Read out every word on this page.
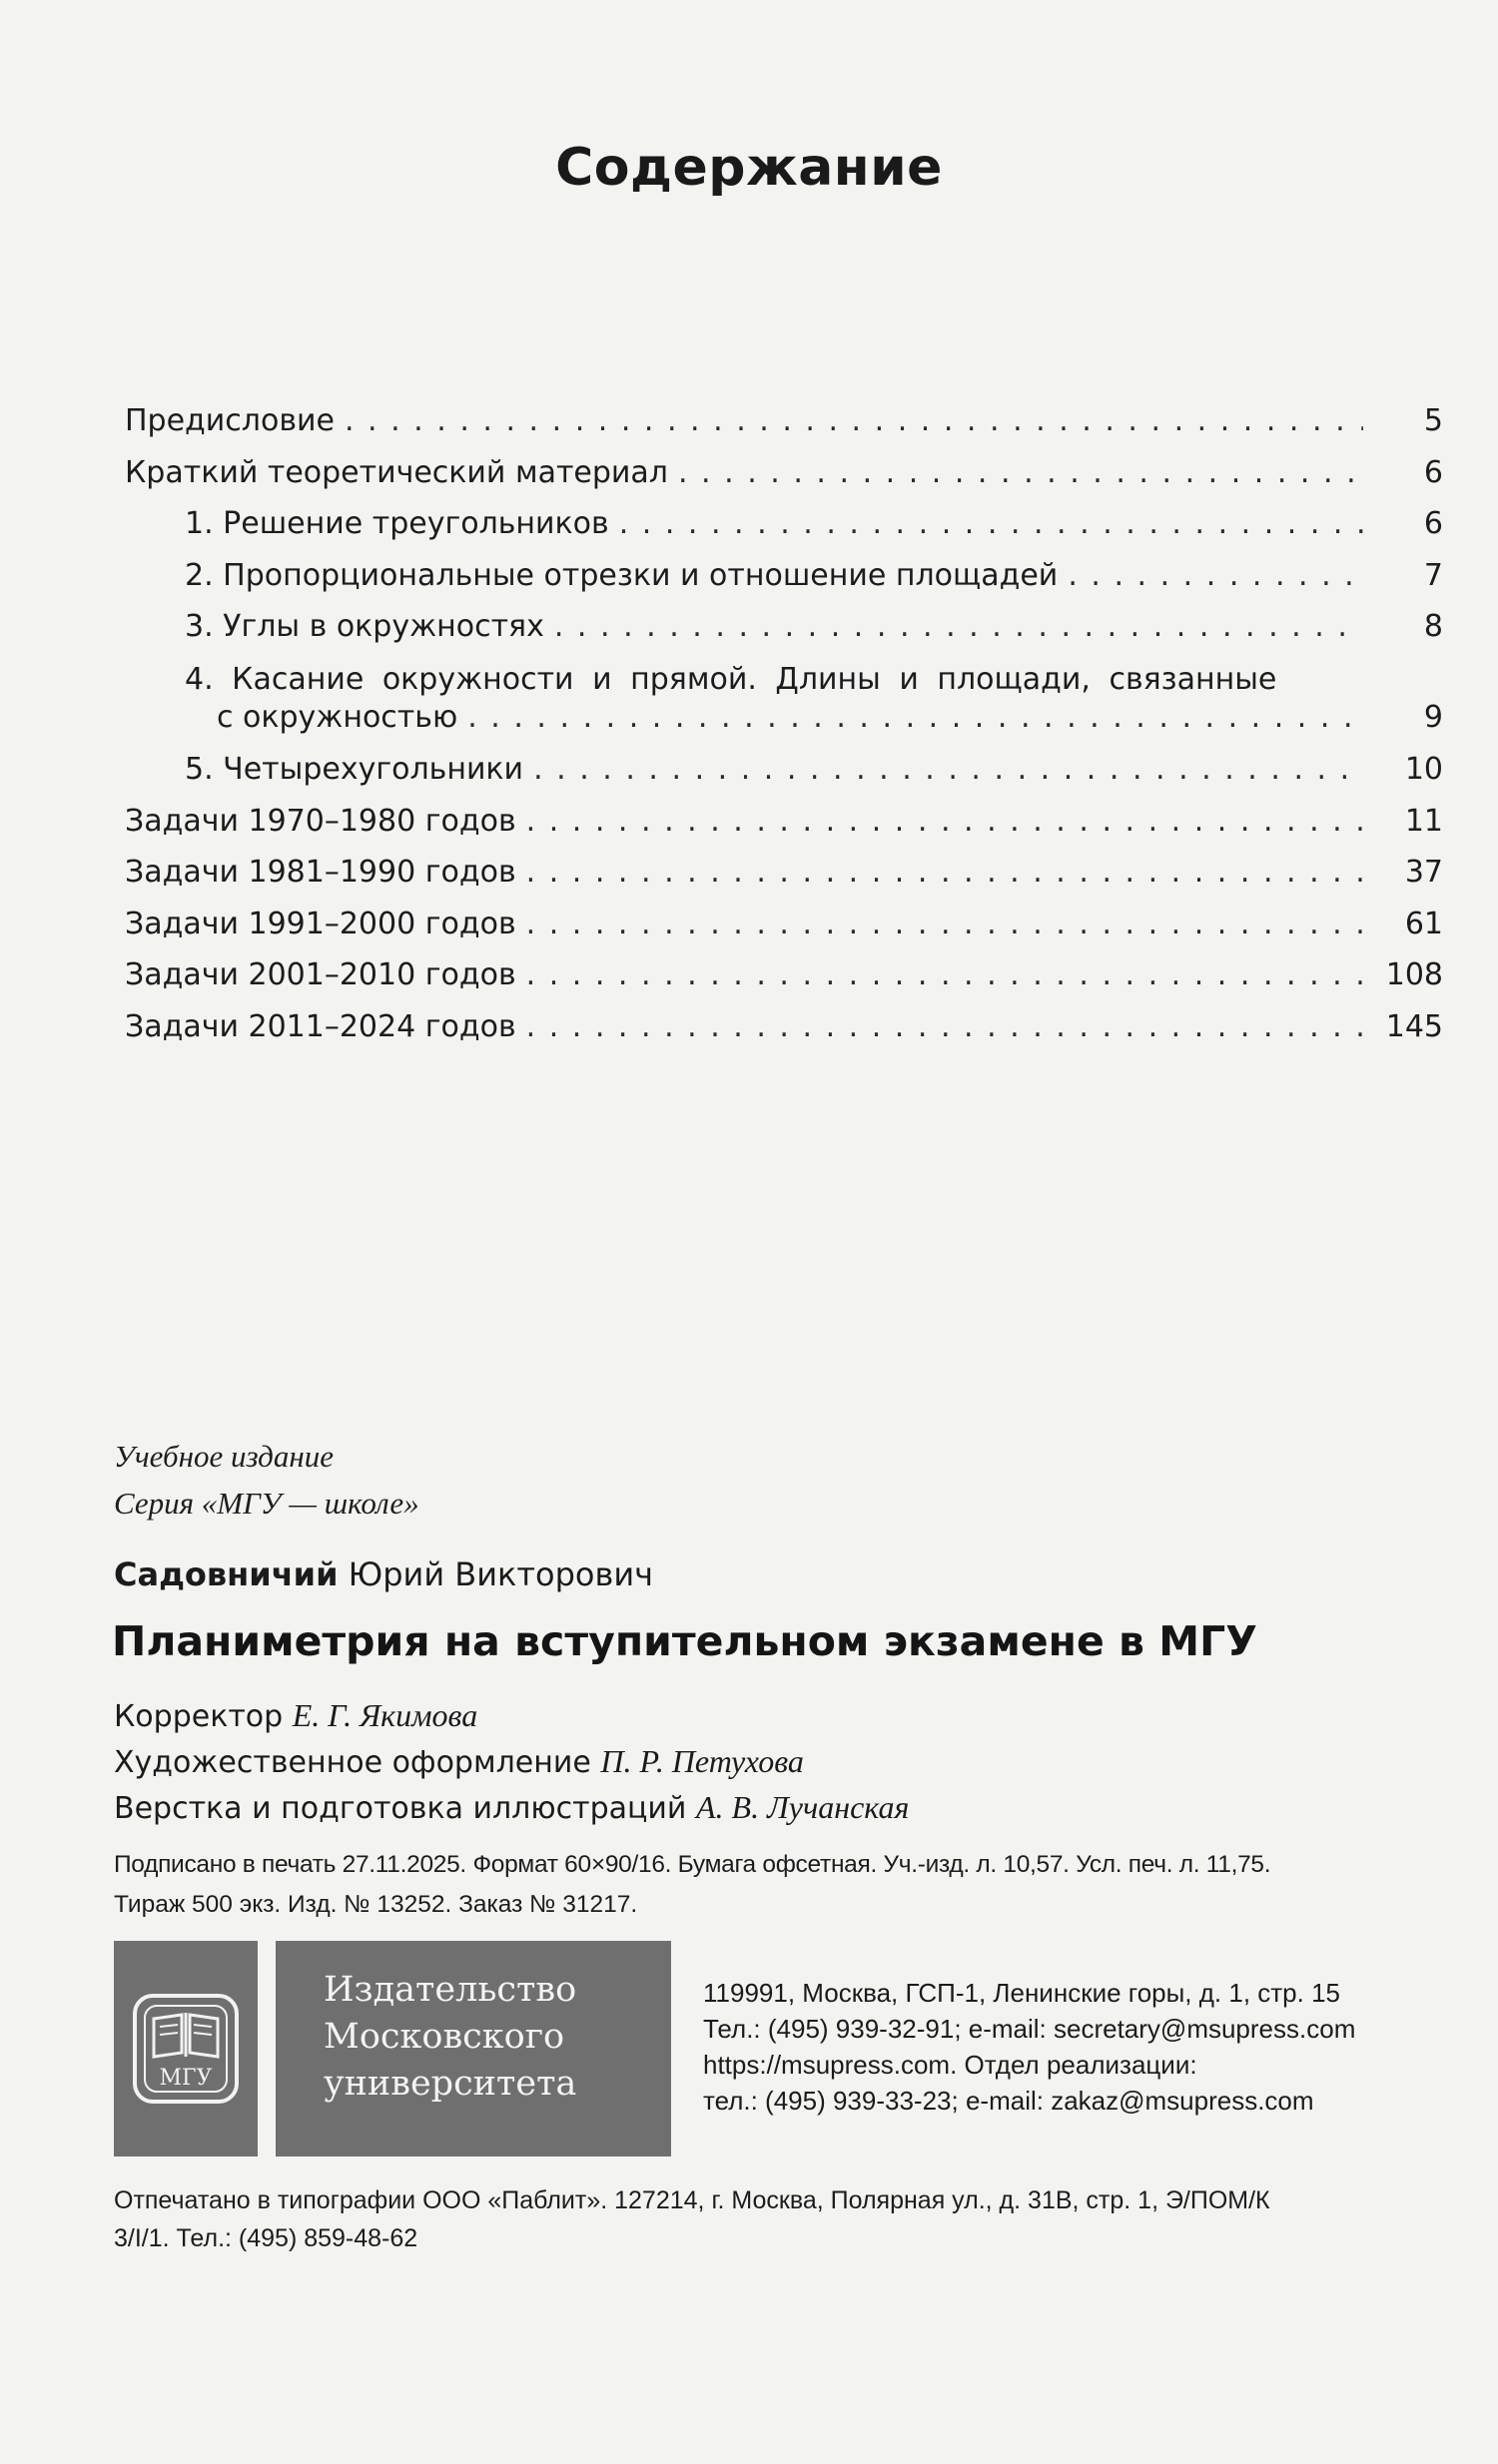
Содержание
Предисловие . . .	5
Краткий теоретический материал . . .	6
1. Решение треугольников . . .	6
2. Пропорциональные отрезки и отношение площадей . . .	7
3. Углы в окружностях . . .	8
4. Касание окружности и прямой. Длины и площади, связанные
с окружностью . . .	9
5. Четырехугольники . . .	10
Задачи 1970–1980 годов . . .	11
Задачи 1981–1990 годов . . .	37
Задачи 1991–2000 годов . . .	61
Задачи 2001–2010 годов . . .	108
Задачи 2011–2024 годов . . .	145
Учебное издание
Серия «МГУ — школе»
Садовничий Юрий Викторович
Планиметрия на вступительном экзамене в МГУ
Корректор Е. Г. Якимова
Художественное оформление П. Р. Петухова
Верстка и подготовка иллюстраций А. В. Лучанская
Подписано в печать 27.11.2025. Формат 60×90/16. Бумага офсетная. Уч.-изд. л. 10,57. Усл. печ. л. 11,75.
Тираж 500 экз. Изд. № 13252. Заказ № 31217.
МГУ
Издательство
Московского
университета
119991, Москва, ГСП-1, Ленинские горы, д. 1, стр. 15
Тел.: (495) 939-32-91; e-mail: secretary@msupress.com
https://msupress.com. Отдел реализации:
тел.: (495) 939-33-23; e-mail: zakaz@msupress.com
Отпечатано в типографии ООО «Паблит». 127214, г. Москва, Полярная ул., д. 31В, стр. 1, Э/ПОМ/К
3/I/1. Тел.: (495) 859-48-62
